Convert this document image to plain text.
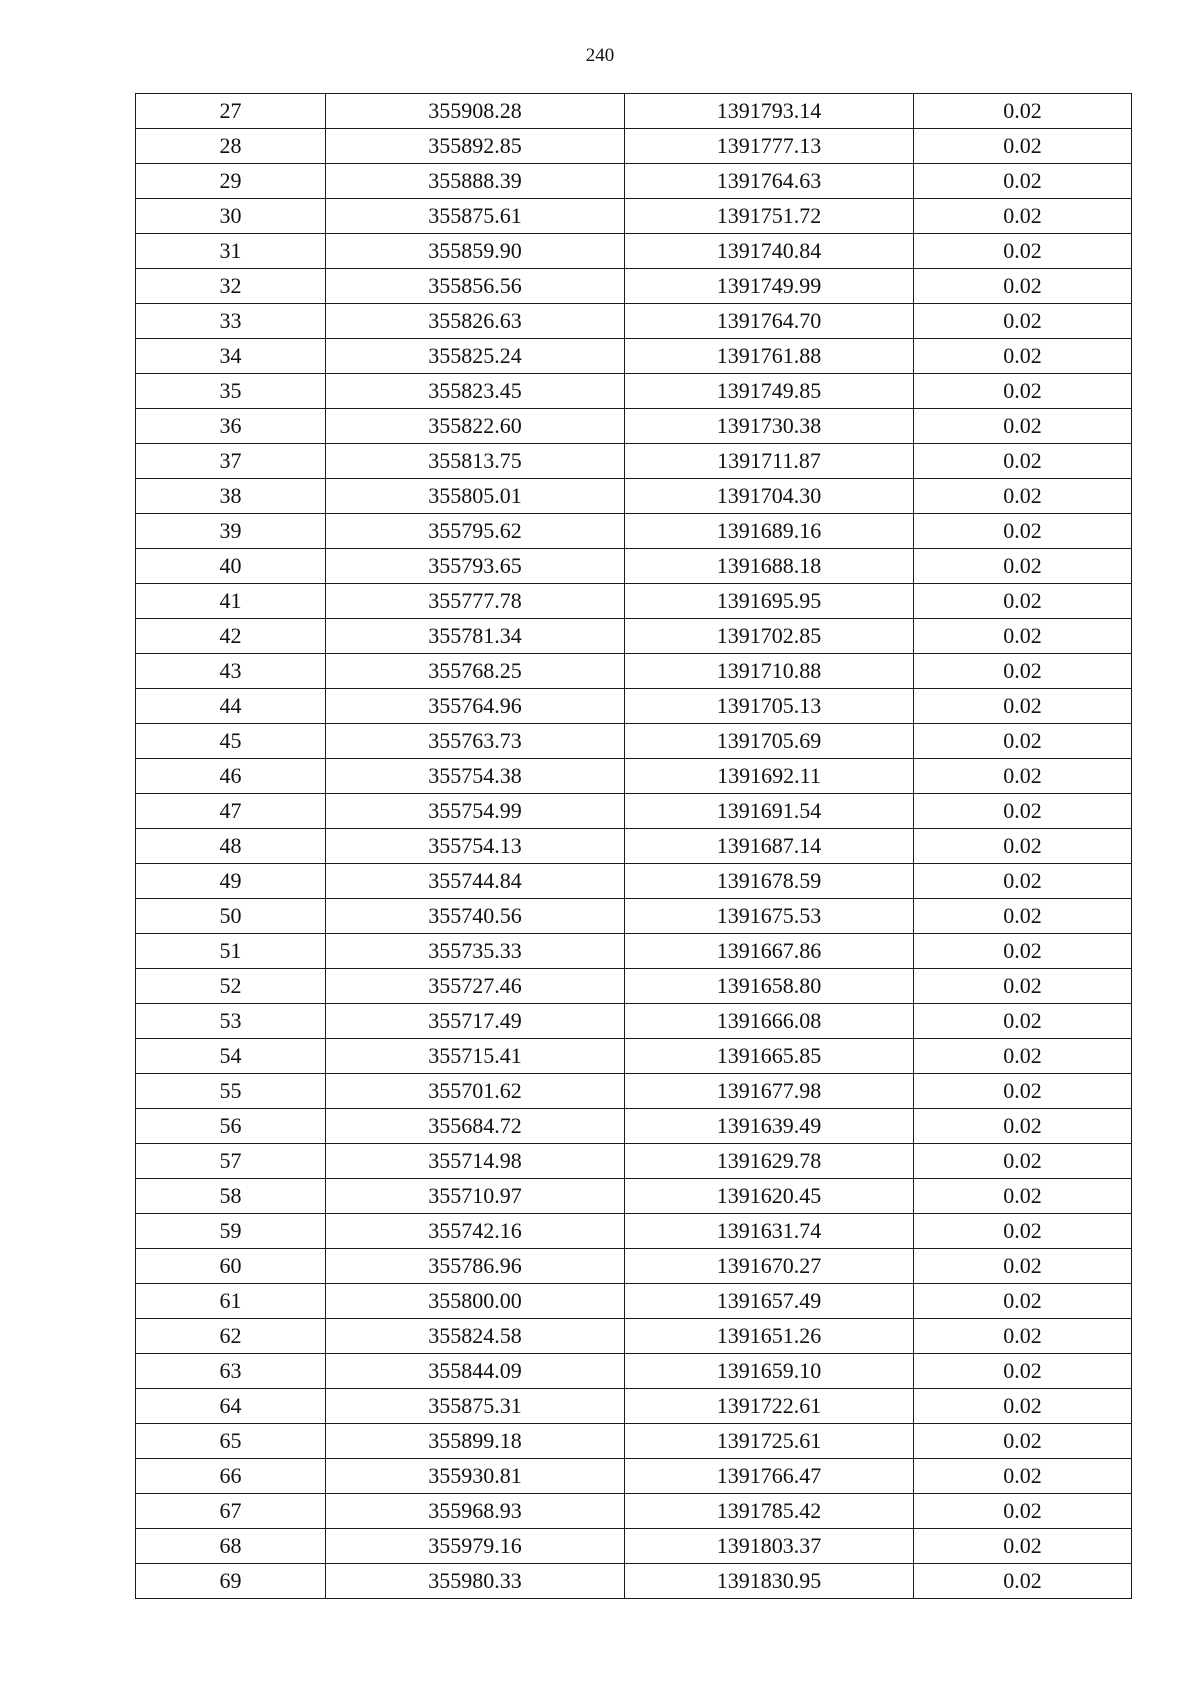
240
27	355908.28	1391793.14	0.02
28	355892.85	1391777.13	0.02
29	355888.39	1391764.63	0.02
30	355875.61	1391751.72	0.02
31	355859.90	1391740.84	0.02
32	355856.56	1391749.99	0.02
33	355826.63	1391764.70	0.02
34	355825.24	1391761.88	0.02
35	355823.45	1391749.85	0.02
36	355822.60	1391730.38	0.02
37	355813.75	1391711.87	0.02
38	355805.01	1391704.30	0.02
39	355795.62	1391689.16	0.02
40	355793.65	1391688.18	0.02
41	355777.78	1391695.95	0.02
42	355781.34	1391702.85	0.02
43	355768.25	1391710.88	0.02
44	355764.96	1391705.13	0.02
45	355763.73	1391705.69	0.02
46	355754.38	1391692.11	0.02
47	355754.99	1391691.54	0.02
48	355754.13	1391687.14	0.02
49	355744.84	1391678.59	0.02
50	355740.56	1391675.53	0.02
51	355735.33	1391667.86	0.02
52	355727.46	1391658.80	0.02
53	355717.49	1391666.08	0.02
54	355715.41	1391665.85	0.02
55	355701.62	1391677.98	0.02
56	355684.72	1391639.49	0.02
57	355714.98	1391629.78	0.02
58	355710.97	1391620.45	0.02
59	355742.16	1391631.74	0.02
60	355786.96	1391670.27	0.02
61	355800.00	1391657.49	0.02
62	355824.58	1391651.26	0.02
63	355844.09	1391659.10	0.02
64	355875.31	1391722.61	0.02
65	355899.18	1391725.61	0.02
66	355930.81	1391766.47	0.02
67	355968.93	1391785.42	0.02
68	355979.16	1391803.37	0.02
69	355980.33	1391830.95	0.02
